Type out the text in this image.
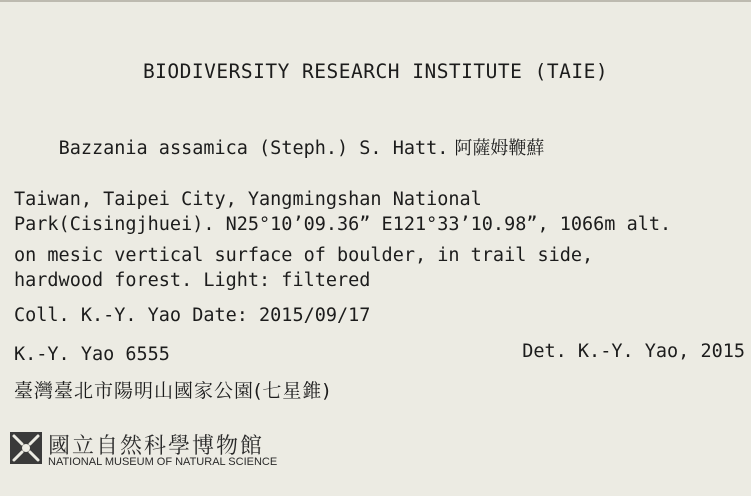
BIODIVERSITY RESEARCH INSTITUTE (TAIE)

Bazzania assamica (Steph.) S. Hatt. 阿薩姆鞭蘚

Taiwan, Taipei City, Yangmingshan National
Park(Cisingjhuei). N25°10’09.36” E121°33’10.98”, 1066m alt.
on mesic vertical surface of boulder, in trail side,
hardwood forest. Light: filtered
Coll. K.-Y. Yao Date: 2015/09/17
K.-Y. Yao 6555	Det. K.-Y. Yao, 2015
臺灣臺北市陽明山國家公園(七星錐)
國立自然科學博物館
NATIONAL MUSEUM OF NATURAL SCIENCE
